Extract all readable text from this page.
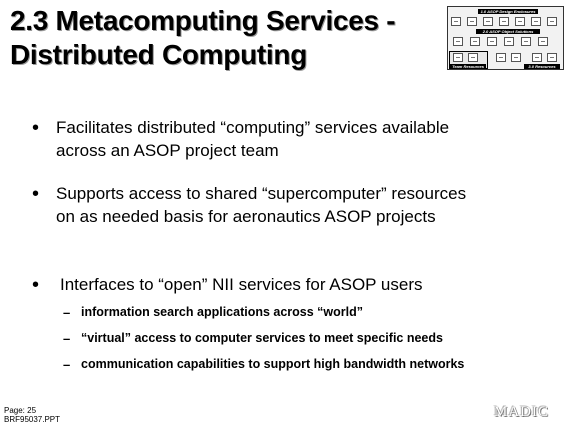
2.3 Metacomputing Services -
Distributed Computing
1.0 ASOP Design Enclosures
2.0 ASOP Object Solutions
Team Resources	3.0 Resources
• Facilitates distributed “computing” services available across an ASOP project team
• Supports access to shared “supercomputer” resources on as needed basis for aeronautics ASOP projects
• Interfaces to “open” NII services for ASOP users
– information search applications across “world”
– “virtual” access to computer services to meet specific needs
– communication capabilities to support high bandwidth networks
Page: 25
BRF95037.PPT	MADIC
